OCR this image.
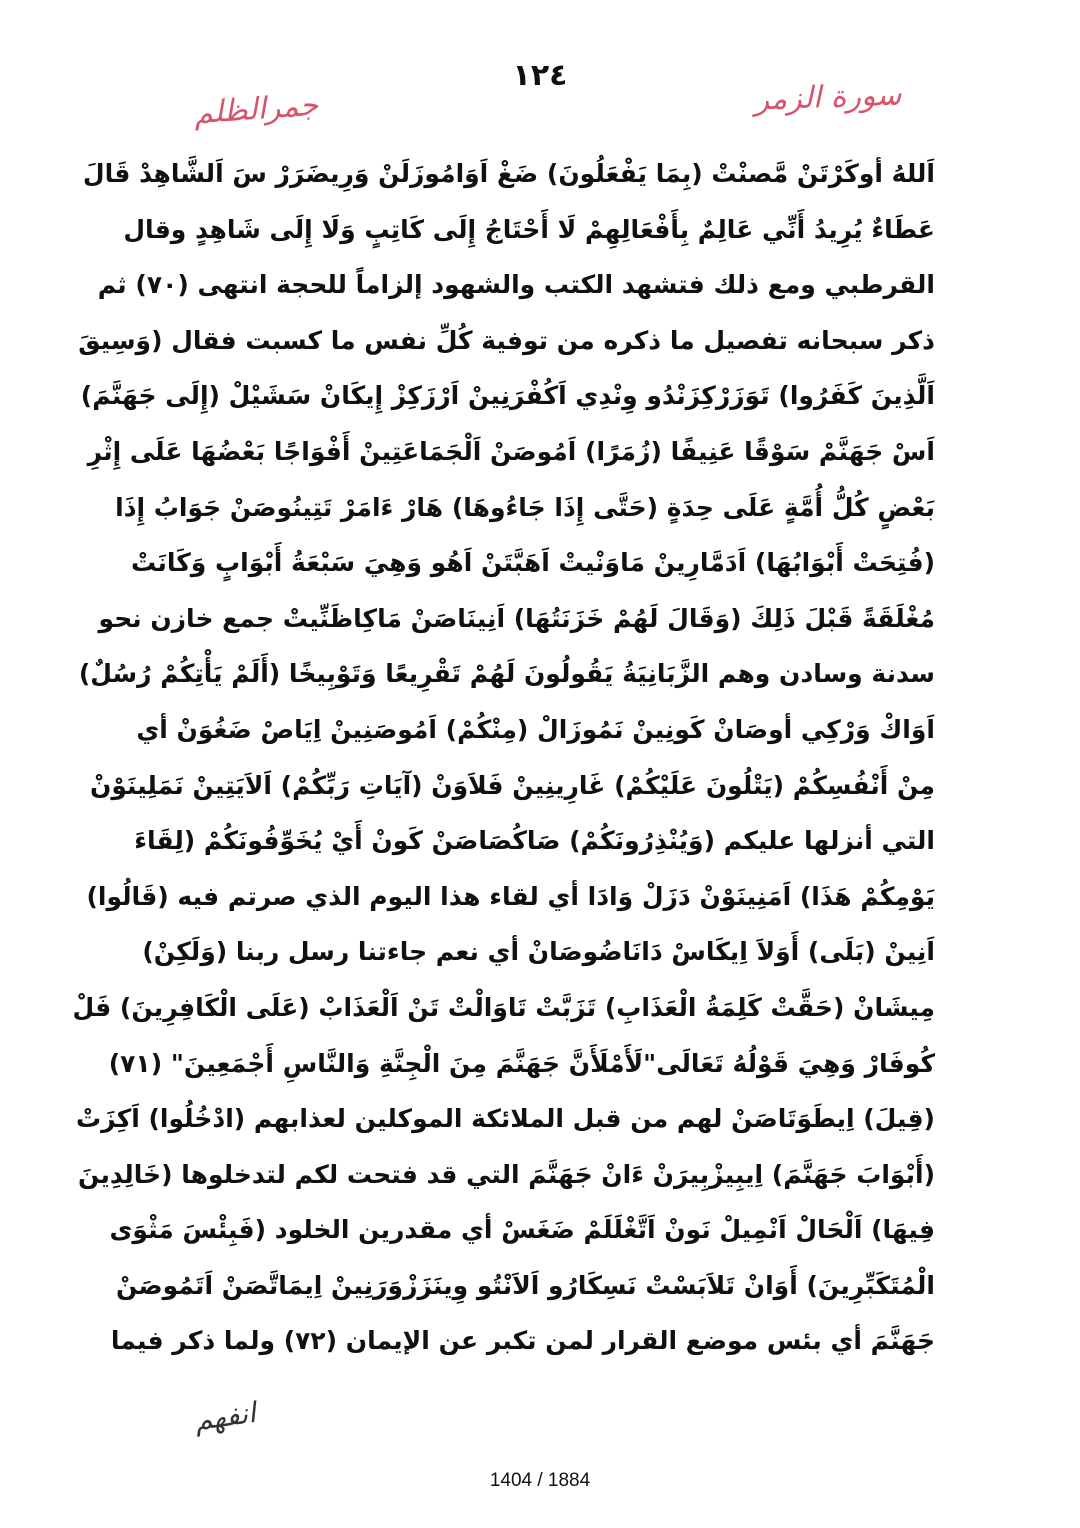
١٢٤
سورة الزمر
جمرالظلم
اَللهُ أوكَرْتَنْ مَّصنْتْ (بِمَا يَفْعَلُونَ) ضَغْ اَوَامُوزَلَنْ وَرِيضَرَرْ سَ اَلشَّاهِدْ قَالَ
عَطَاءٌ يُرِيدُ أَنِّي عَالِمٌ بِأَفْعَالِهِمْ لَا أَحْتَاجُ إِلَى كَاتِبٍ وَلَا إِلَى شَاهِدٍ وقال
القرطبي ومع ذلك فتشهد الكتب والشهود إلزاماً للحجة انتهى (٧٠) ثم
ذكر سبحانه تفصيل ما ذكره من توفية كُلِّ نفس ما كسبت فقال (وَسِيقَ
اَلَّذِينَ كَفَرُوا) تَوَزَرْكِزَنْدُو وِنْدِي اَكُفْرَنِينْ اَرْزَكِزْ إِيكَانْ سَشَيْلْ (إِلَى جَهَنَّمَ)
اَسْ جَهَنَّمْ سَوْقًا عَنِيفًا (زُمَرًا) اَمُوصَنْ اَلْجَمَاعَتِينْ أَفْوَاجًا بَعْضُهَا عَلَى إِثْرِ
بَعْضٍ كُلُّ أُمَّةٍ عَلَى حِدَةٍ (حَتَّى إِذَا جَاءُوهَا) هَارْ ءَامَرْ تَتِينُوصَنْ جَوَابُ إِذَا
(فُتِحَتْ أَبْوَابُهَا) اَدَمَّارِينْ مَاوَنْيتْ اَهَبَّتَنْ اَهُو وَهِيَ سَبْعَةُ أَبْوَابٍ وَكَانَتْ
مُغْلَقَةً قَبْلَ ذَلِكَ (وَقَالَ لَهُمْ خَزَنَتُهَا) اَنِينَاصَنْ مَاكِاظَنِّيتْ جمع خازن نحو
سدنة وسادن وهم الزَّبَانِيَةُ يَقُولُونَ لَهُمْ تَقْرِيعًا وَتَوْبِيخًا (أَلَمْ يَأْتِكُمْ رُسُلٌ)
اَوَاكْ وَرْكِي أوصَانْ كَونِينْ نَمُوزَالْ (مِنْكُمْ) اَمُوصَنِينْ اِيَاصْ ضَغُوَنْ أي
مِنْ أَنْفُسِكُمْ (يَتْلُونَ عَلَيْكُمْ) غَارِينِينْ فَلاَوَنْ (آيَاتِ رَبِّكُمْ) اَلاَيَتِينْ نَمَلِينَوْنْ
التي أنزلها عليكم (وَيُنْذِرُونَكُمْ) صَاكُصَاصَنْ كَونْ أَيْ يُخَوِّفُونَكُمْ (لِقَاءَ
يَوْمِكُمْ هَذَا) اَمَنِينَوْنْ دَزَلْ وَادَا أي لقاء هذا اليوم الذي صرتم فيه (قَالُوا)
اَنِينْ (بَلَى) أَوَلاَ اِيكَاسْ دَانَاضُوصَانْ أي نعم جاءتنا رسل ربنا (وَلَكِنْ)
مِيشَانْ (حَقَّتْ كَلِمَةُ الْعَذَابِ) تَزَبَّتْ تَاوَالْتْ تَنْ اَلْعَذَابْ (عَلَى الْكَافِرِينَ) فَلْ
كُوفَارْ وَهِيَ قَوْلُهُ تَعَالَى"لَأَمْلَأَنَّ جَهَنَّمَ مِنَ الْجِنَّةِ وَالنَّاسِ أَجْمَعِينَ" (٧١)
(قِيلَ) اِيطَوَتَاصَنْ لهم من قبل الملائكة الموكلين لعذابهم (ادْخُلُوا) اَكِزَتْ
(أَبْوَابَ جَهَنَّمَ) اِيبِيزْبِيرَنْ ءَانْ جَهَنَّمَ التي قد فتحت لكم لتدخلوها (خَالِدِينَ
فِيهَا) اَلْحَالْ اَنْمِيلْ نَونْ اَتَّغْلَلَمْ ضَغَسْ أي مقدرين الخلود (فَبِئْسَ مَثْوَى
الْمُتَكَبِّرِينَ) أَوَانْ تَلاَبَسْتْ نَسِكَارُو اَلاَنْتُو وِينَزَزْوَرَنِينْ اِيمَاتَّصَنْ اَتَمُوصَنْ
جَهَنَّمَ أي بئس موضع القرار لمن تكبر عن الإيمان (٧٢) ولما ذكر فيما
انفهم
1404 / 1884
